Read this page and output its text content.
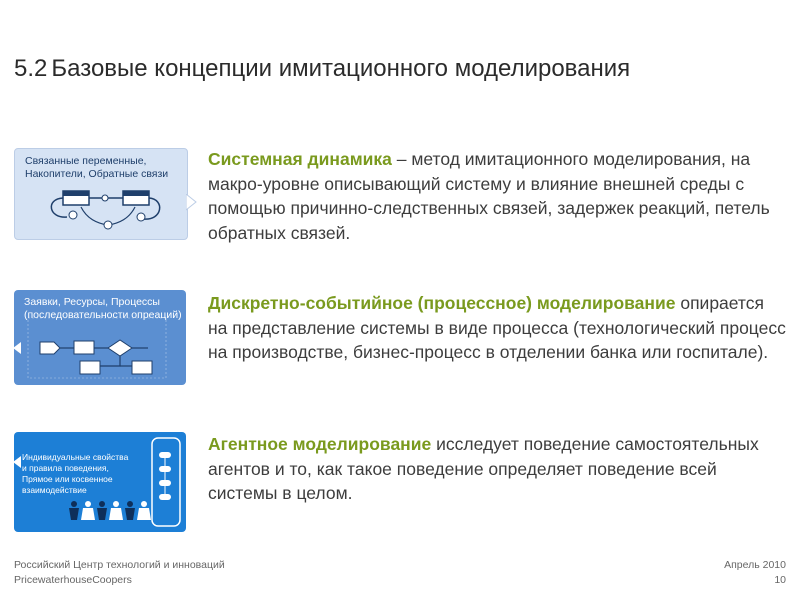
5.2 Базовые концепции имитационного моделирования
Связанные переменные,
Накопители, Обратные связи
Заявки, Ресурсы, Процессы
(последовательности опреаций)
Индивидуальные свойства
и правила поведения,
Прямое или косвенное
взаимодействие
Системная динамика – метод имитационного моделирования, на макро-уровне описывающий систему и влияние внешней среды с помощью причинно-следственных связей, задержек реакций, петель обратных связей.
Дискретно-событийное (процессное) моделирование опирается на представление системы в виде процесса (технологический процесс на производстве, бизнес-процесс в отделении банка или госпитале).
Агентное моделирование исследует поведение самостоятельных агентов и то, как такое поведение определяет поведение всей системы в целом.
Российский Центр технологий и инноваций
PricewaterhouseCoopers
Апрель 2010
10
